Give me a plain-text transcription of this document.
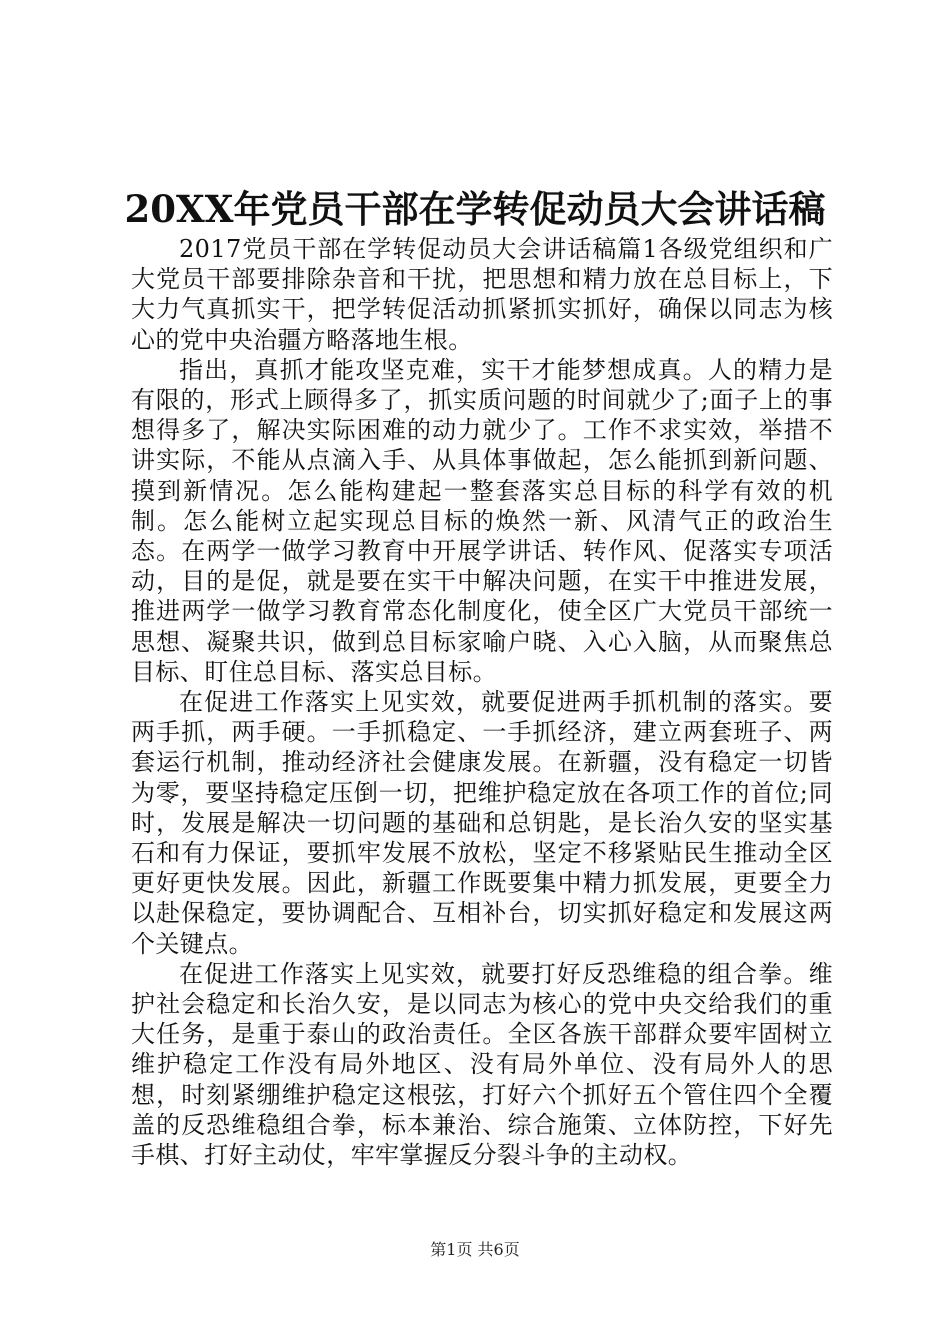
20XX年党员干部在学转促动员大会讲话稿

2017党员干部在学转促动员大会讲话稿篇1各级党组织和广大党员干部要排除杂音和干扰，把思想和精力放在总目标上，下大力气真抓实干，把学转促活动抓紧抓实抓好，确保以同志为核心的党中央治疆方略落地生根。

指出，真抓才能攻坚克难，实干才能梦想成真。人的精力是有限的，形式上顾得多了，抓实质问题的时间就少了;面子上的事想得多了，解决实际困难的动力就少了。工作不求实效，举措不讲实际，不能从点滴入手、从具体事做起，怎么能抓到新问题、摸到新情况。怎么能构建起一整套落实总目标的科学有效的机制。怎么能树立起实现总目标的焕然一新、风清气正的政治生态。在两学一做学习教育中开展学讲话、转作风、促落实专项活动，目的是促，就是要在实干中解决问题，在实干中推进发展，推进两学一做学习教育常态化制度化，使全区广大党员干部统一思想、凝聚共识，做到总目标家喻户晓、入心入脑，从而聚焦总目标、盯住总目标、落实总目标。

在促进工作落实上见实效，就要促进两手抓机制的落实。要两手抓，两手硬。一手抓稳定、一手抓经济，建立两套班子、两套运行机制，推动经济社会健康发展。在新疆，没有稳定一切皆为零，要坚持稳定压倒一切，把维护稳定放在各项工作的首位;同时，发展是解决一切问题的基础和总钥匙，是长治久安的坚实基石和有力保证，要抓牢发展不放松，坚定不移紧贴民生推动全区更好更快发展。因此，新疆工作既要集中精力抓发展，更要全力以赴保稳定，要协调配合、互相补台，切实抓好稳定和发展这两个关键点。

在促进工作落实上见实效，就要打好反恐维稳的组合拳。维护社会稳定和长治久安，是以同志为核心的党中央交给我们的重大任务，是重于泰山的政治责任。全区各族干部群众要牢固树立维护稳定工作没有局外地区、没有局外单位、没有局外人的思想，时刻紧绷维护稳定这根弦，打好六个抓好五个管住四个全覆盖的反恐维稳组合拳，标本兼治、综合施策、立体防控，下好先手棋、打好主动仗，牢牢掌握反分裂斗争的主动权。

第1页 共6页
